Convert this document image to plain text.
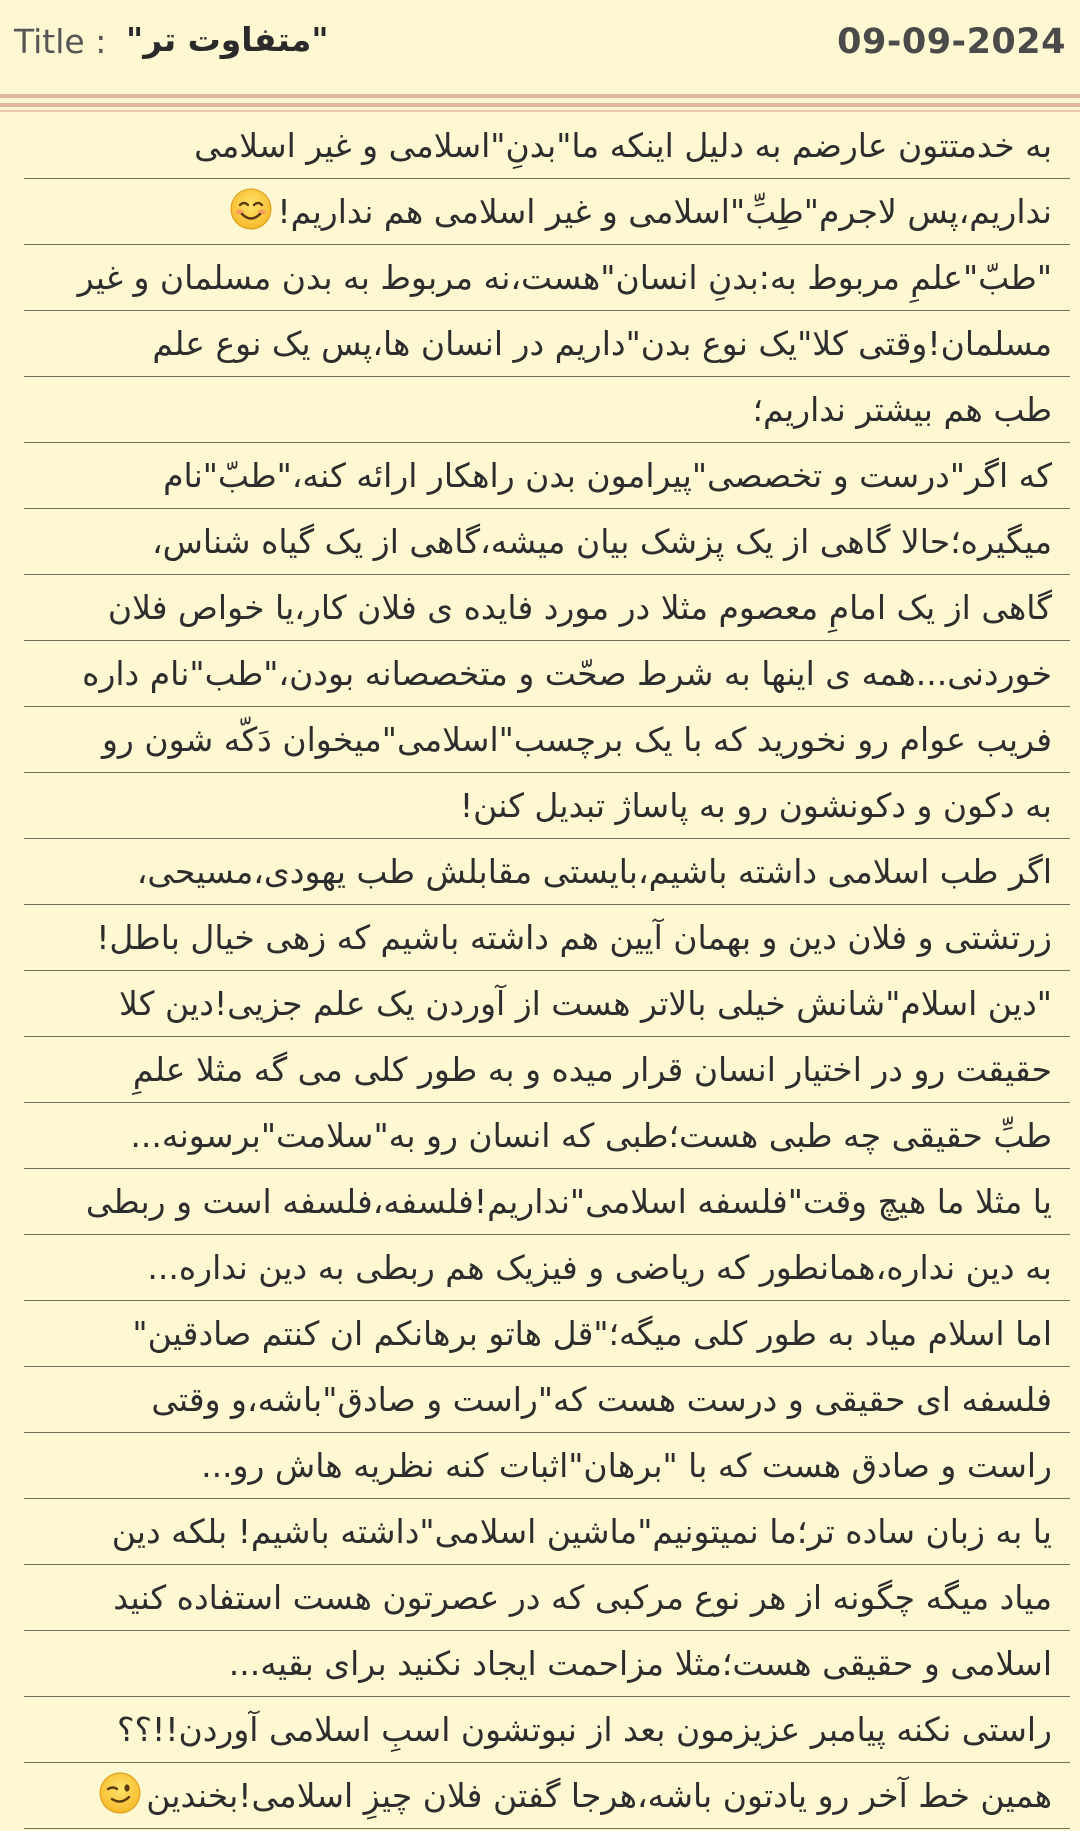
Title : "متفاوت تر"	09-09-2024
به خدمتتون عارضم به دلیل اینکه ما"بدنِ"اسلامی و غیر اسلامی
نداریم،پس لاجرم"طِبِّ"اسلامی و غیر اسلامی هم نداریم!
"طبّ"علمِ مربوط به:بدنِ انسان"هست،نه مربوط به بدن مسلمان و غیر
مسلمان!وقتی کلا"یک نوع بدن"داریم در انسان ها،پس یک نوع علم
طب هم بیشتر نداریم؛
که اگر"درست و تخصصی"پیرامون بدن راهکار ارائه کنه،"طبّ"نام
میگیره؛حالا گاهی از یک پزشک بیان میشه،گاهی از یک گیاه شناس،
گاهی از یک امامِ معصوم مثلا در مورد فایده ی فلان کار،یا خواص فلان
خوردنی...همه ی اینها به شرط صحّت و متخصصانه بودن،"طب"نام داره
فریب عوام رو نخورید که با یک برچسب"اسلامی"میخوان دَکّه شون رو
به دکون و دکونشون رو به پاساژ تبدیل کنن!
اگر طب اسلامی داشته باشیم،بایستی مقابلش طب یهودی،مسیحی،
زرتشتی و فلان دین و بهمان آیین هم داشته باشیم که زهی خیال باطل!
"دین اسلام"شانش خیلی بالاتر هست از آوردن یک علم جزیی!دین کلا
حقیقت رو در اختیار انسان قرار میده و به طور کلی می گه مثلا علمِ
طبِّ حقیقی چه طبی هست؛طبی که انسان رو به"سلامت"برسونه...
یا مثلا ما هیچ وقت"فلسفه اسلامی"نداریم!فلسفه،فلسفه است و ربطی
به دین نداره،همانطور که ریاضی و فیزیک هم ربطی به دین نداره...
اما اسلام میاد به طور کلی میگه؛"قل هاتو برهانکم ان کنتم صادقین"
فلسفه ای حقیقی و درست هست که"راست و صادق"باشه،و وقتی
راست و صادق هست که با "برهان"اثبات کنه نظریه هاش رو...
یا به زبان ساده تر؛ما نمیتونیم"ماشین اسلامی"داشته باشیم! بلکه دین
میاد میگه چگونه از هر نوع مرکبی که در عصرتون هست استفاده کنید
اسلامی و حقیقی هست؛مثلا مزاحمت ایجاد نکنید برای بقیه...
راستی نکنه پیامبر عزیزمون بعد از نبوتشون اسبِ اسلامی آوردن!!؟؟
همین خط آخر رو یادتون باشه،هرجا گفتن فلان چیزِ اسلامی!بخندین
